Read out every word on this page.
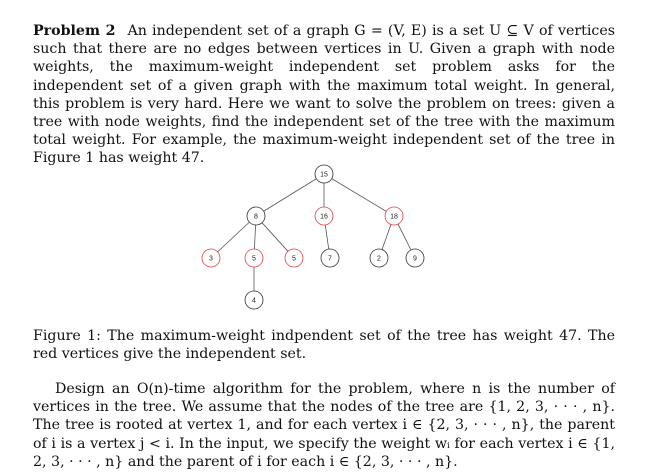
Problem 2 An independent set of a graph G = (V, E) is a set U ⊆ V of vertices such that there are no edges between vertices in U. Given a graph with node weights, the maximum-weight independent set problem asks for the independent set of a given graph with the maximum total weight. In general, this problem is very hard. Here we want to solve the problem on trees: given a tree with node weights, find the independent set of the tree with the maximum total weight. For example, the maximum-weight independent set of the tree in Figure 1 has weight 47.

15
8	16	18
3	5	5	7	2	9
4

Figure 1: The maximum-weight indpendent set of the tree has weight 47. The red vertices give the independent set.

Design an O(n)-time algorithm for the problem, where n is the number of vertices in the tree. We assume that the nodes of the tree are {1, 2, 3, · · · , n}. The tree is rooted at vertex 1, and for each vertex i ∈ {2, 3, · · · , n}, the parent of i is a vertex j < i. In the input, we specify the weight wᵢ for each vertex i ∈ {1, 2, 3, · · · , n} and the parent of i for each i ∈ {2, 3, · · · , n}.
